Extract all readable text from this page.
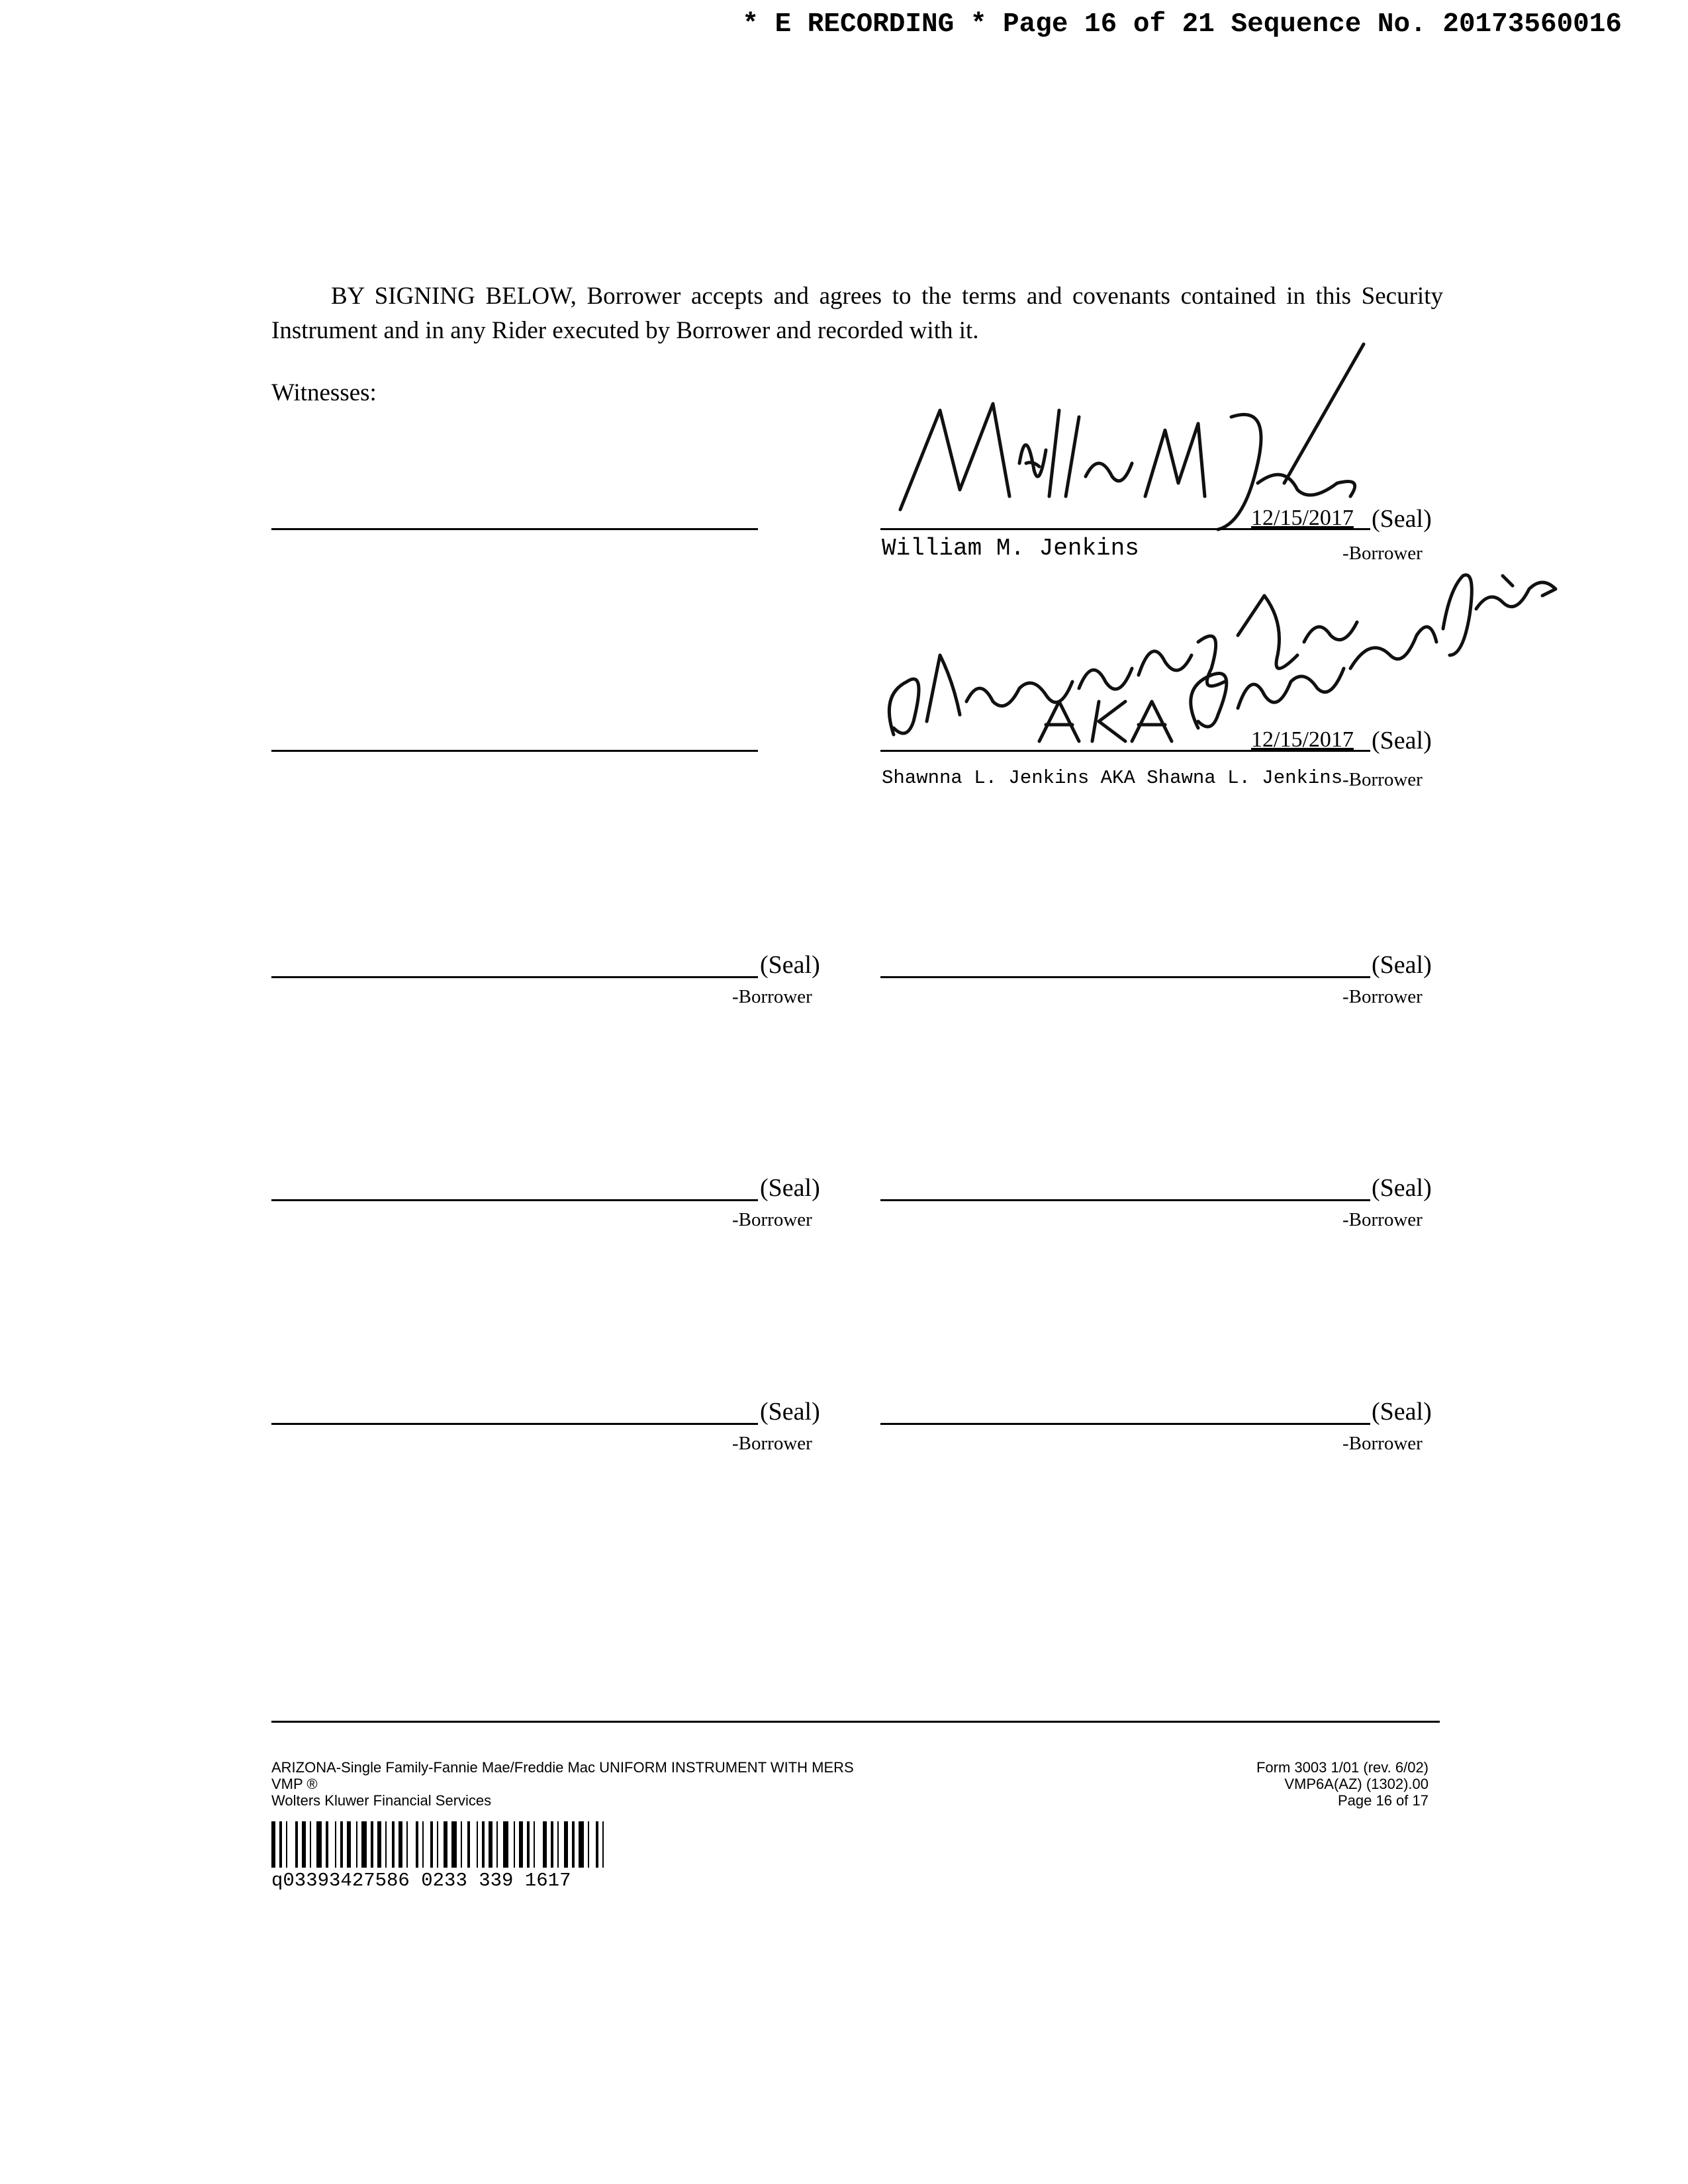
* E RECORDING * Page 16 of 21 Sequence No. 20173560016
BY SIGNING BELOW, Borrower accepts and agrees to the terms and covenants contained in this Security Instrument and in any Rider executed by Borrower and recorded with it.
Witnesses:
12/15/2017 (Seal)
William M. Jenkins	-Borrower
12/15/2017 (Seal)
Shawnna L. Jenkins AKA Shawna L. Jenkins -Borrower
(Seal)
-Borrower
(Seal)
-Borrower
(Seal)
-Borrower
(Seal)
-Borrower
(Seal)
-Borrower
(Seal)
-Borrower
ARIZONA-Single Family-Fannie Mae/Freddie Mac UNIFORM INSTRUMENT WITH MERS
VMP ®
Wolters Kluwer Financial Services
Form 3003 1/01 (rev. 6/02)
VMP6A(AZ) (1302).00
Page 16 of 17
q03393427586 0233 339 1617
